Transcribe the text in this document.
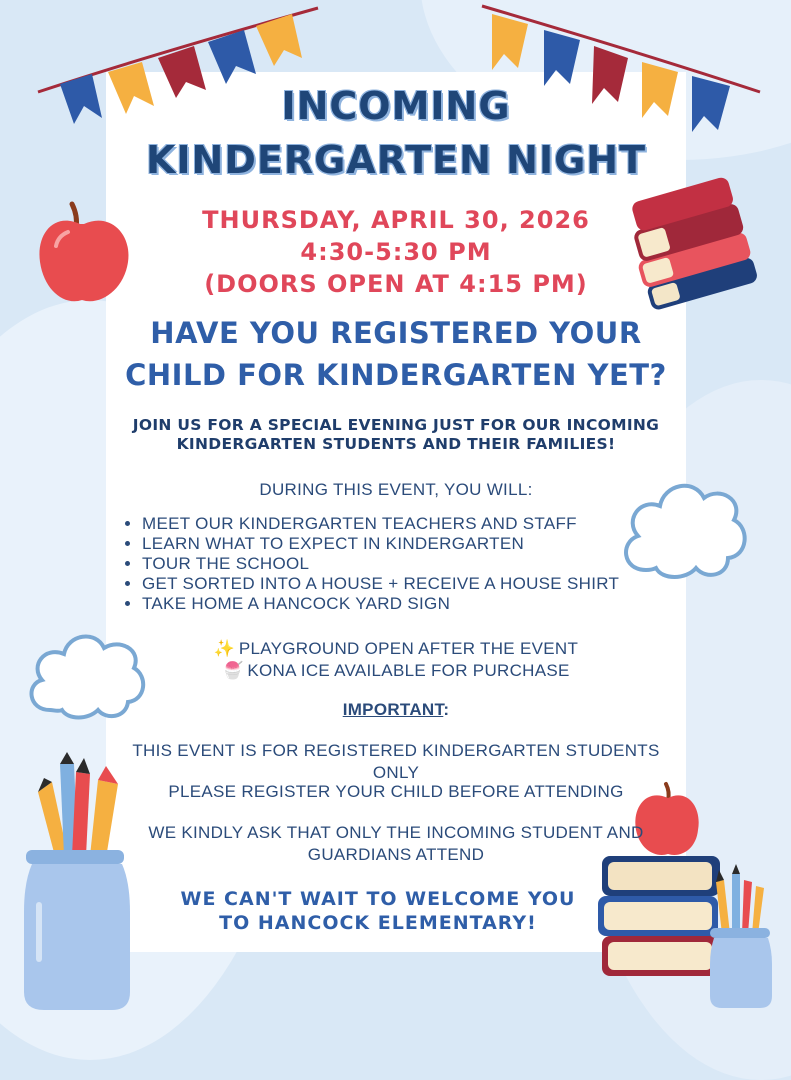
INCOMING
KINDERGARTEN NIGHT
THURSDAY, APRIL 30, 2026
4:30-5:30 PM
(DOORS OPEN AT 4:15 PM)
HAVE YOU REGISTERED YOUR
CHILD FOR KINDERGARTEN YET?
JOIN US FOR A SPECIAL EVENING JUST FOR OUR INCOMING
KINDERGARTEN STUDENTS AND THEIR FAMILIES!
DURING THIS EVENT, YOU WILL:
• MEET OUR KINDERGARTEN TEACHERS AND STAFF
• LEARN WHAT TO EXPECT IN KINDERGARTEN
• TOUR THE SCHOOL
• GET SORTED INTO A HOUSE + RECEIVE A HOUSE SHIRT
• TAKE HOME A HANCOCK YARD SIGN
✨ PLAYGROUND OPEN AFTER THE EVENT
🍧 KONA ICE AVAILABLE FOR PURCHASE
IMPORTANT:
THIS EVENT IS FOR REGISTERED KINDERGARTEN STUDENTS ONLY
PLEASE REGISTER YOUR CHILD BEFORE ATTENDING
WE KINDLY ASK THAT ONLY THE INCOMING STUDENT AND
GUARDIANS ATTEND
WE CAN'T WAIT TO WELCOME YOU
TO HANCOCK ELEMENTARY!
